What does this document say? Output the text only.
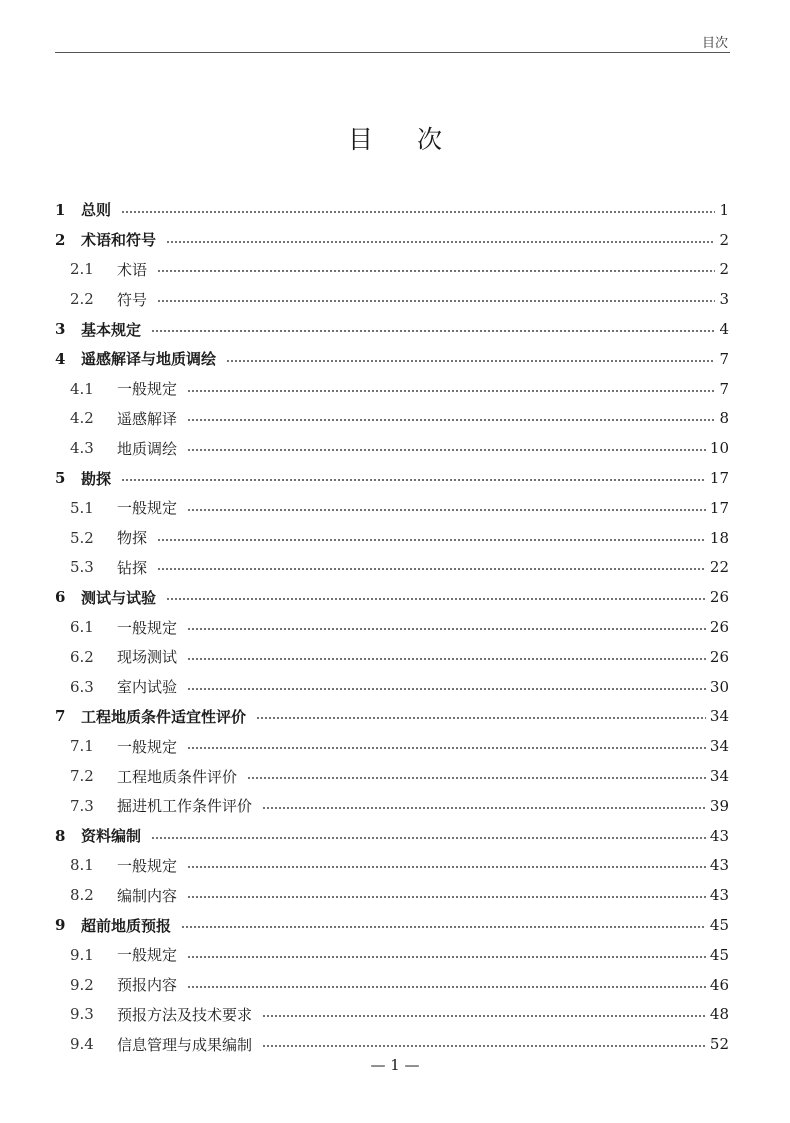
目次
目次
1	总则	1
2	术语和符号	2
2.1	术语	2
2.2	符号	3
3	基本规定	4
4	遥感解译与地质调绘	7
4.1	一般规定	7
4.2	遥感解译	8
4.3	地质调绘	10
5	勘探	17
5.1	一般规定	17
5.2	物探	18
5.3	钻探	22
6	测试与试验	26
6.1	一般规定	26
6.2	现场测试	26
6.3	室内试验	30
7	工程地质条件适宜性评价	34
7.1	一般规定	34
7.2	工程地质条件评价	34
7.3	掘进机工作条件评价	39
8	资料编制	43
8.1	一般规定	43
8.2	编制内容	43
9	超前地质预报	45
9.1	一般规定	45
9.2	预报内容	46
9.3	预报方法及技术要求	48
9.4	信息管理与成果编制	52
— 1 —
